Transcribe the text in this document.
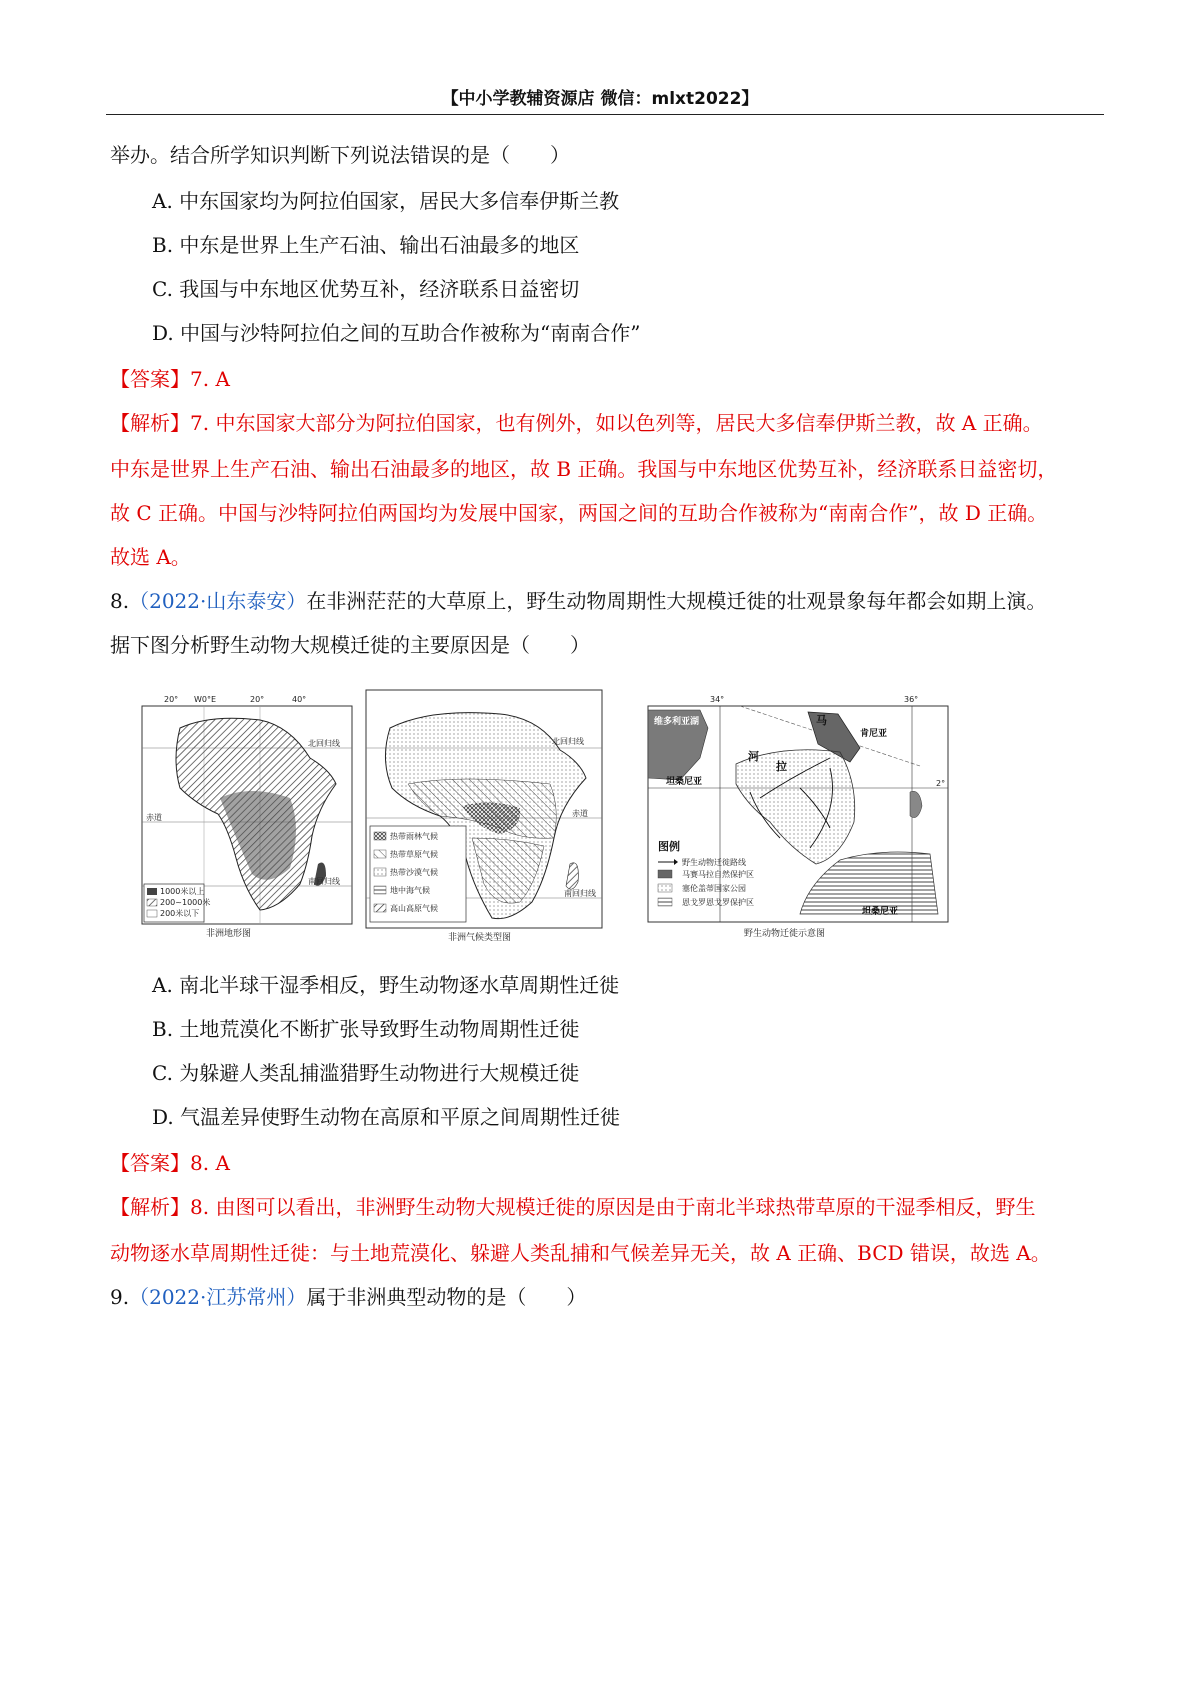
【中小学教辅资源店 微信：mlxt2022】
举办。结合所学知识判断下列说法错误的是（　　）
A. 中东国家均为阿拉伯国家，居民大多信奉伊斯兰教
B. 中东是世界上生产石油、输出石油最多的地区
C. 我国与中东地区优势互补，经济联系日益密切
D. 中国与沙特阿拉伯之间的互助合作被称为“南南合作”
【答案】7. A
【解析】7. 中东国家大部分为阿拉伯国家，也有例外，如以色列等，居民大多信奉伊斯兰教，故 A 正确。
中东是世界上生产石油、输出石油最多的地区，故 B 正确。我国与中东地区优势互补，经济联系日益密切，
故 C 正确。中国与沙特阿拉伯两国均为发展中国家，两国之间的互助合作被称为“南南合作”，故 D 正确。
故选 A。
8.（2022·山东泰安）在非洲茫茫的大草原上，野生动物周期性大规模迁徙的壮观景象每年都会如期上演。
据下图分析野生动物大规模迁徙的主要原因是（　　）
20° W0°E	20°	40°
北回归线
赤道
南回归线
1000米以上
200~1000米
200米以下
非洲地形图
北回归线
赤道
南回归线
热带雨林气候
热带草原气候
热带沙漠气候
地中海气候
高山高原气候
非洲气候类型图
维多利亚湖	马
河
拉
肯尼亚
坦桑尼亚
坦桑尼亚
34°	36°
2°
图例
野生动物迁徙路线
马赛马拉自然保护区
塞伦盖蒂国家公园
恩戈罗恩戈罗保护区
野生动物迁徙示意图
A. 南北半球干湿季相反，野生动物逐水草周期性迁徙
B. 土地荒漠化不断扩张导致野生动物周期性迁徙
C. 为躲避人类乱捕滥猎野生动物进行大规模迁徙
D. 气温差异使野生动物在高原和平原之间周期性迁徙
【答案】8. A
【解析】8. 由图可以看出，非洲野生动物大规模迁徙的原因是由于南北半球热带草原的干湿季相反，野生
动物逐水草周期性迁徙：与土地荒漠化、躲避人类乱捕和气候差异无关，故 A 正确、BCD 错误，故选 A。
9.（2022·江苏常州）属于非洲典型动物的是（　　）
